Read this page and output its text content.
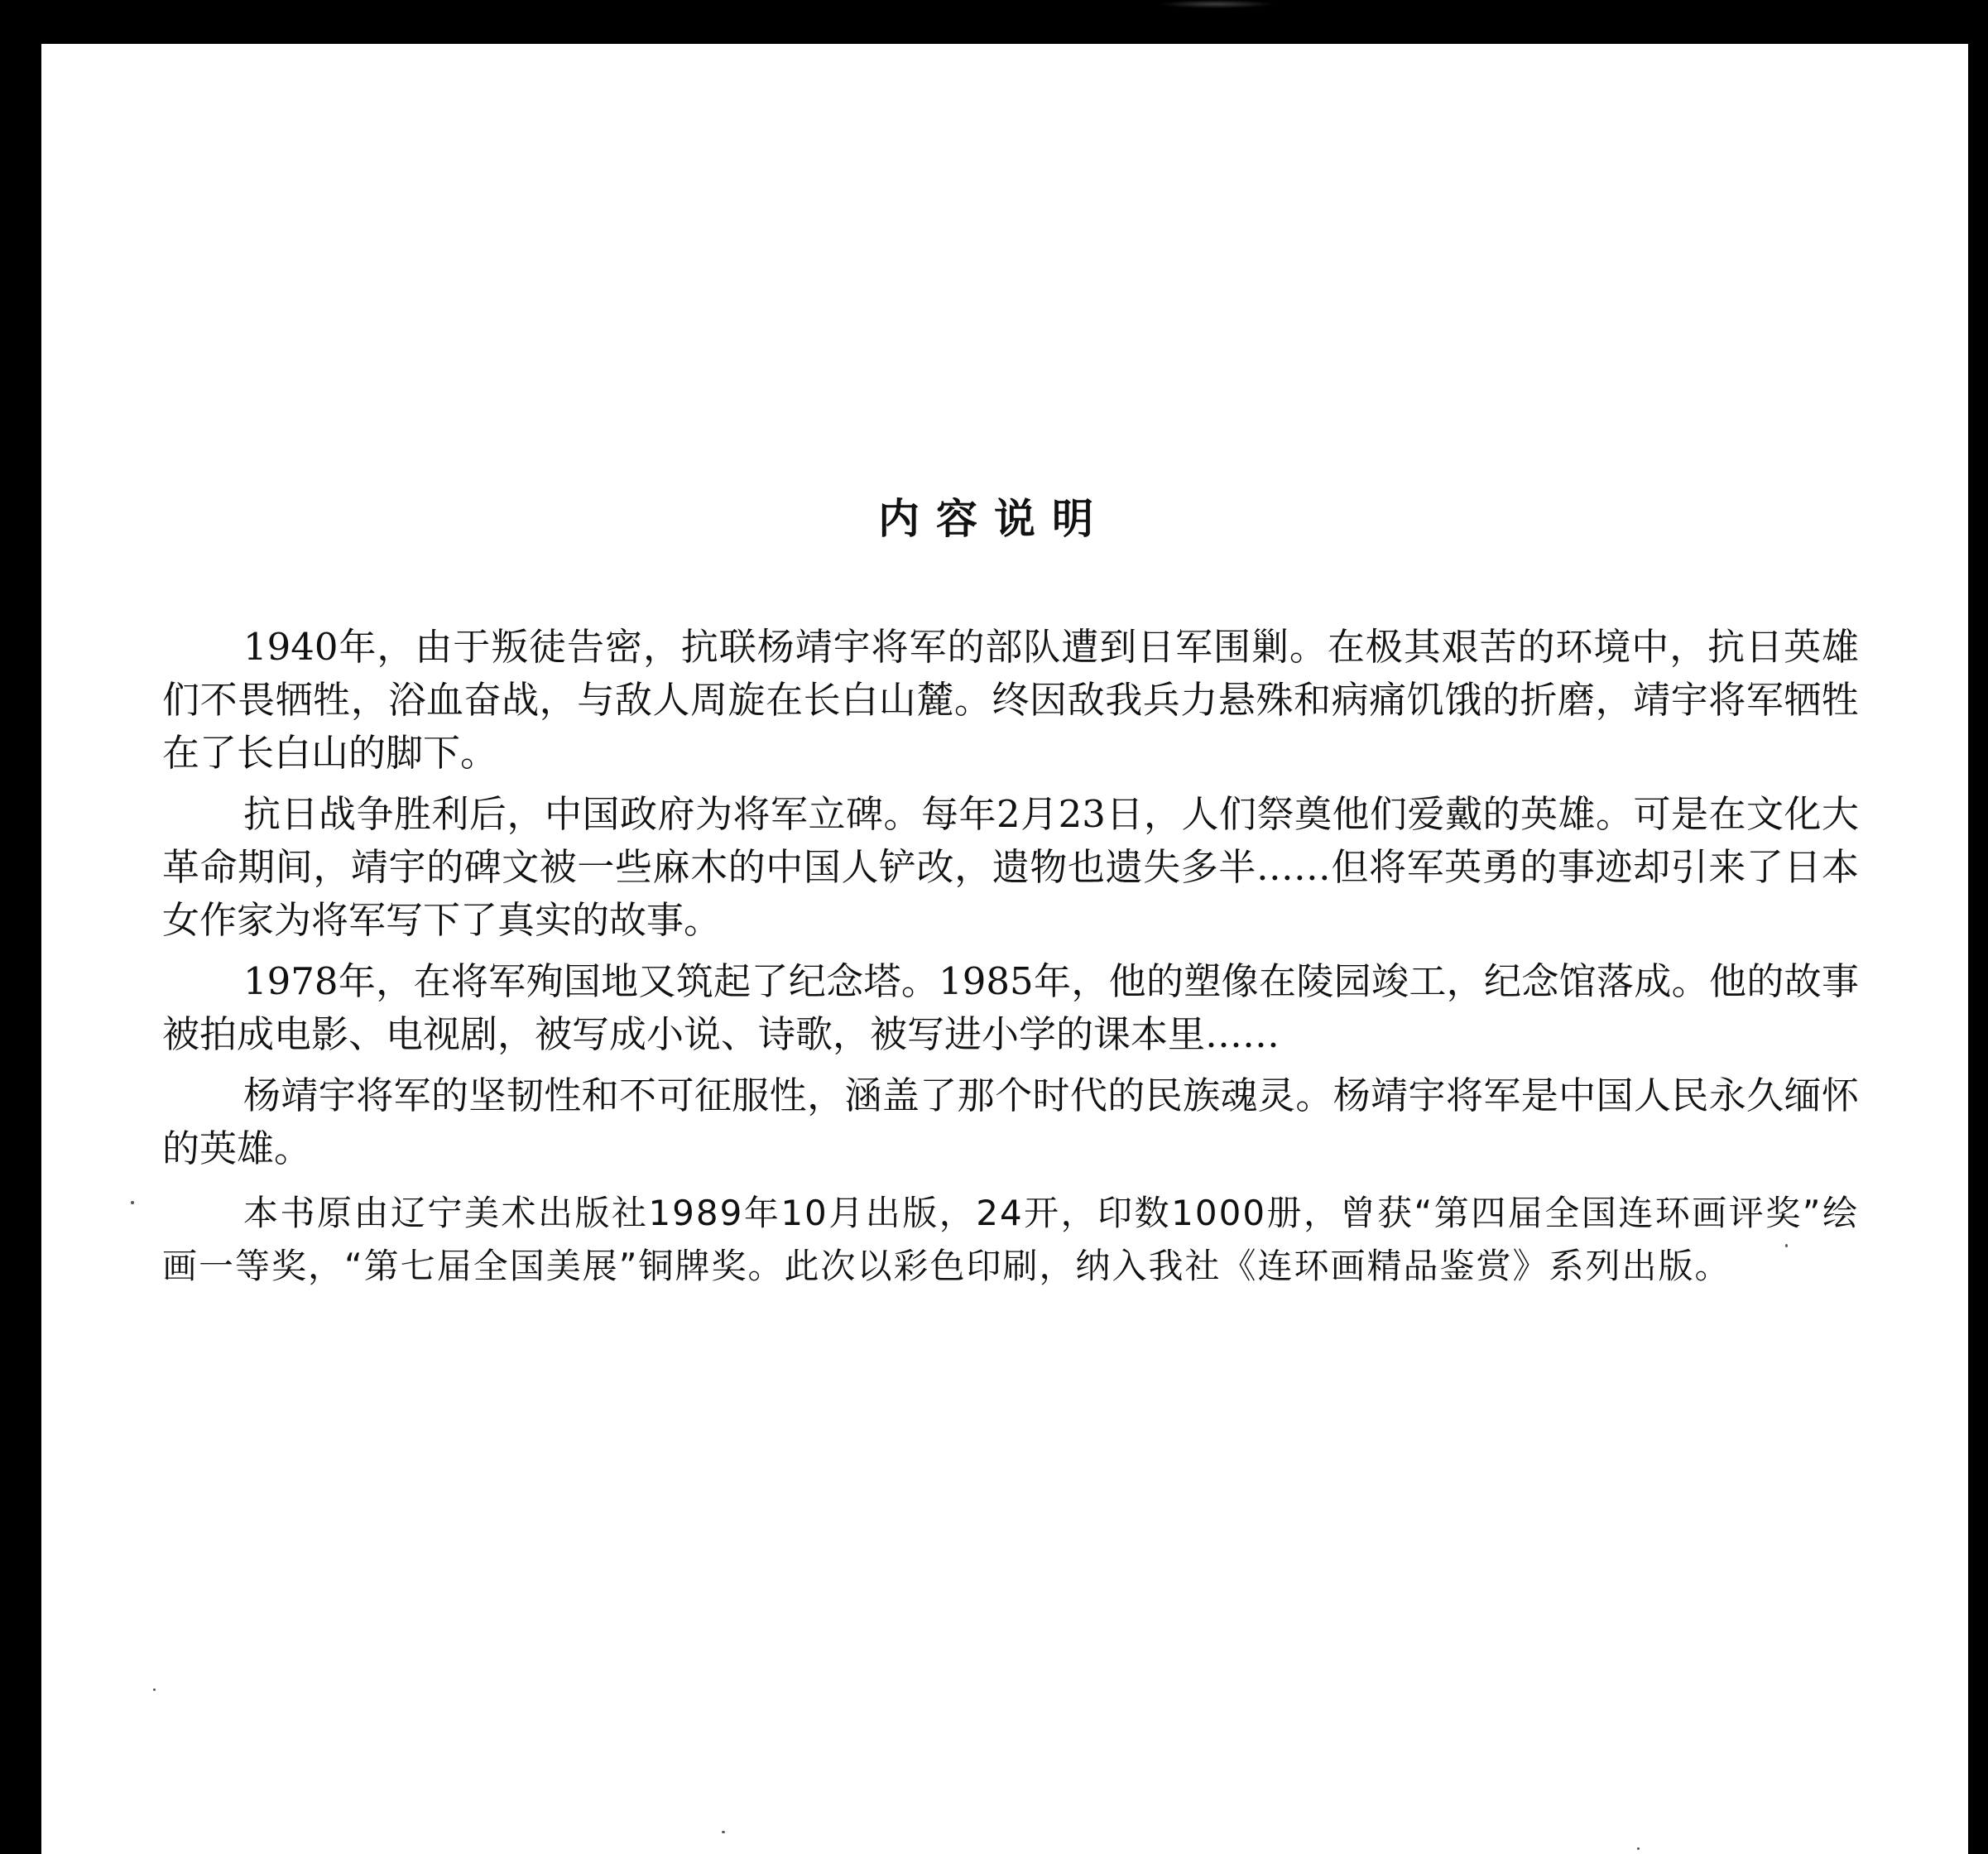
内容说明

1940年，由于叛徒告密，抗联杨靖宇将军的部队遭到日军围剿。在极其艰苦的环境中，抗日英雄们不畏牺牲，浴血奋战，与敌人周旋在长白山麓。终因敌我兵力悬殊和病痛饥饿的折磨，靖宇将军牺牲在了长白山的脚下。

抗日战争胜利后，中国政府为将军立碑。每年2月23日，人们祭奠他们爱戴的英雄。可是在文化大革命期间，靖宇的碑文被一些麻木的中国人铲改，遗物也遗失多半……但将军英勇的事迹却引来了日本女作家为将军写下了真实的故事。

1978年，在将军殉国地又筑起了纪念塔。1985年，他的塑像在陵园竣工，纪念馆落成。他的故事被拍成电影、电视剧，被写成小说、诗歌，被写进小学的课本里……

杨靖宇将军的坚韧性和不可征服性，涵盖了那个时代的民族魂灵。杨靖宇将军是中国人民永久缅怀的英雄。

本书原由辽宁美术出版社1989年10月出版，24开，印数1000册，曾获“第四届全国连环画评奖”绘画一等奖，“第七届全国美展”铜牌奖。此次以彩色印刷，纳入我社《连环画精品鉴赏》系列出版。
